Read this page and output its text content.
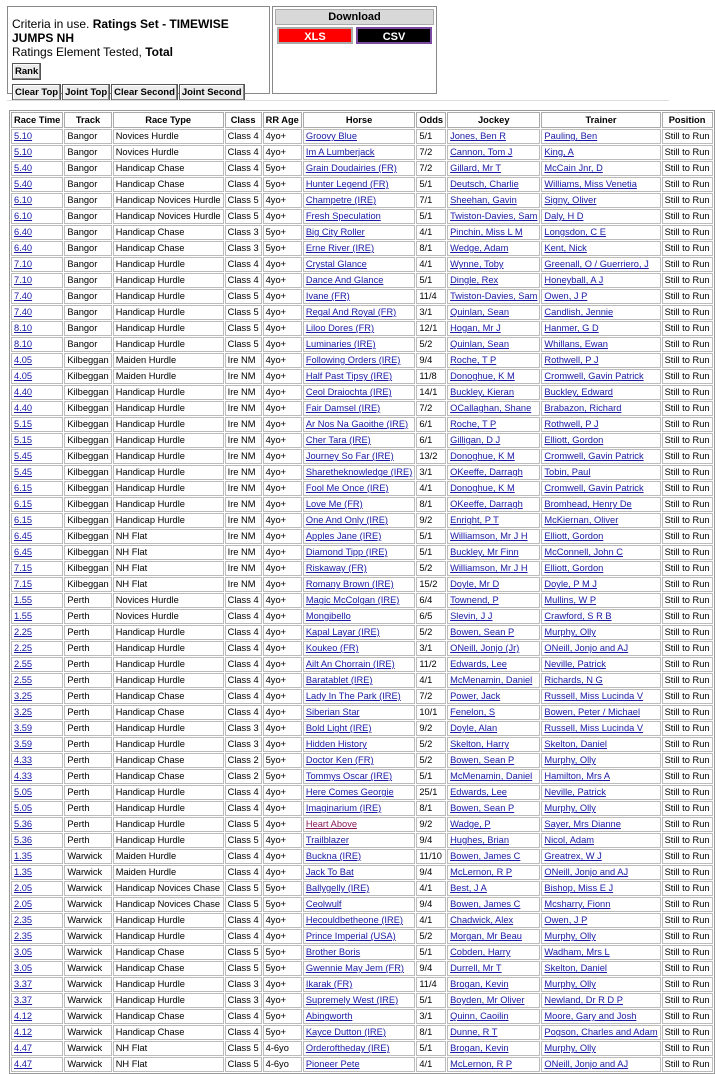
Criteria in use. Ratings Set - TIMEWISE JUMPS NH
Ratings Element Tested, Total
Rank
Clear Top Joint Top Clear Second Joint Second
Download
XLS	CSV
Race Time	Track	Race Type	Class	RR Age	Horse	Odds	Jockey	Trainer	Position
5.10	Bangor	Novices Hurdle	Class 4	4yo+	Groovy Blue	5/1	Jones, Ben R	Pauling, Ben	Still to Run
5.10	Bangor	Novices Hurdle	Class 4	4yo+	Im A Lumberjack	7/2	Cannon, Tom J	King, A	Still to Run
5.40	Bangor	Handicap Chase	Class 4	5yo+	Grain Doudairies (FR)	7/2	Gillard, Mr T	McCain Jnr, D	Still to Run
5.40	Bangor	Handicap Chase	Class 4	5yo+	Hunter Legend (FR)	5/1	Deutsch, Charlie	Williams, Miss Venetia	Still to Run
6.10	Bangor	Handicap Novices Hurdle	Class 5	4yo+	Champetre (IRE)	7/1	Sheehan, Gavin	Signy, Oliver	Still to Run
6.10	Bangor	Handicap Novices Hurdle	Class 5	4yo+	Fresh Speculation	5/1	Twiston-Davies, Sam	Daly, H D	Still to Run
6.40	Bangor	Handicap Chase	Class 3	5yo+	Big City Roller	4/1	Pinchin, Miss L M	Longsdon, C E	Still to Run
6.40	Bangor	Handicap Chase	Class 3	5yo+	Erne River (IRE)	8/1	Wedge, Adam	Kent, Nick	Still to Run
7.10	Bangor	Handicap Hurdle	Class 4	4yo+	Crystal Glance	4/1	Wynne, Toby	Greenall, O / Guerriero, J	Still to Run
7.10	Bangor	Handicap Hurdle	Class 4	4yo+	Dance And Glance	5/1	Dingle, Rex	Honeyball, A J	Still to Run
7.40	Bangor	Handicap Hurdle	Class 5	4yo+	Ivane (FR)	11/4	Twiston-Davies, Sam	Owen, J P	Still to Run
7.40	Bangor	Handicap Hurdle	Class 5	4yo+	Regal And Royal (FR)	3/1	Quinlan, Sean	Candlish, Jennie	Still to Run
8.10	Bangor	Handicap Hurdle	Class 5	4yo+	Liloo Dores (FR)	12/1	Hogan, Mr J	Hanmer, G D	Still to Run
8.10	Bangor	Handicap Hurdle	Class 5	4yo+	Luminaries (IRE)	5/2	Quinlan, Sean	Whillans, Ewan	Still to Run
4.05	Kilbeggan	Maiden Hurdle	Ire NM	4yo+	Following Orders (IRE)	9/4	Roche, T P	Rothwell, P J	Still to Run
4.05	Kilbeggan	Maiden Hurdle	Ire NM	4yo+	Half Past Tipsy (IRE)	11/8	Donoghue, K M	Cromwell, Gavin Patrick	Still to Run
4.40	Kilbeggan	Handicap Hurdle	Ire NM	4yo+	Ceol Draiochta (IRE)	14/1	Buckley, Kieran	Buckley, Edward	Still to Run
4.40	Kilbeggan	Handicap Hurdle	Ire NM	4yo+	Fair Damsel (IRE)	7/2	OCallaghan, Shane	Brabazon, Richard	Still to Run
5.15	Kilbeggan	Handicap Hurdle	Ire NM	4yo+	Ar Nos Na Gaoithe (IRE)	6/1	Roche, T P	Rothwell, P J	Still to Run
5.15	Kilbeggan	Handicap Hurdle	Ire NM	4yo+	Cher Tara (IRE)	6/1	Gilligan, D J	Elliott, Gordon	Still to Run
5.45	Kilbeggan	Handicap Hurdle	Ire NM	4yo+	Journey So Far (IRE)	13/2	Donoghue, K M	Cromwell, Gavin Patrick	Still to Run
5.45	Kilbeggan	Handicap Hurdle	Ire NM	4yo+	Sharetheknowledge (IRE)	3/1	OKeeffe, Darragh	Tobin, Paul	Still to Run
6.15	Kilbeggan	Handicap Hurdle	Ire NM	4yo+	Fool Me Once (IRE)	4/1	Donoghue, K M	Cromwell, Gavin Patrick	Still to Run
6.15	Kilbeggan	Handicap Hurdle	Ire NM	4yo+	Love Me (FR)	8/1	OKeeffe, Darragh	Bromhead, Henry De	Still to Run
6.15	Kilbeggan	Handicap Hurdle	Ire NM	4yo+	One And Only (IRE)	9/2	Enright, P T	McKiernan, Oliver	Still to Run
6.45	Kilbeggan	NH Flat	Ire NM	4yo+	Apples Jane (IRE)	5/1	Williamson, Mr J H	Elliott, Gordon	Still to Run
6.45	Kilbeggan	NH Flat	Ire NM	4yo+	Diamond Tipp (IRE)	5/1	Buckley, Mr Finn	McConnell, John C	Still to Run
7.15	Kilbeggan	NH Flat	Ire NM	4yo+	Riskaway (FR)	5/2	Williamson, Mr J H	Elliott, Gordon	Still to Run
7.15	Kilbeggan	NH Flat	Ire NM	4yo+	Romany Brown (IRE)	15/2	Doyle, Mr D	Doyle, P M J	Still to Run
1.55	Perth	Novices Hurdle	Class 4	4yo+	Magic McColgan (IRE)	6/4	Townend, P	Mullins, W P	Still to Run
1.55	Perth	Novices Hurdle	Class 4	4yo+	Mongibello	6/5	Slevin, J J	Crawford, S R B	Still to Run
2.25	Perth	Handicap Hurdle	Class 4	4yo+	Kapal Layar (IRE)	5/2	Bowen, Sean P	Murphy, Olly	Still to Run
2.25	Perth	Handicap Hurdle	Class 4	4yo+	Koukeo (FR)	3/1	ONeill, Jonjo (Jr)	ONeill, Jonjo and AJ	Still to Run
2.55	Perth	Handicap Hurdle	Class 4	4yo+	Ailt An Chorrain (IRE)	11/2	Edwards, Lee	Neville, Patrick	Still to Run
2.55	Perth	Handicap Hurdle	Class 4	4yo+	Baratablet (IRE)	4/1	McMenamin, Daniel	Richards, N G	Still to Run
3.25	Perth	Handicap Chase	Class 4	4yo+	Lady In The Park (IRE)	7/2	Power, Jack	Russell, Miss Lucinda V	Still to Run
3.25	Perth	Handicap Chase	Class 4	4yo+	Siberian Star	10/1	Fenelon, S	Bowen, Peter / Michael	Still to Run
3.59	Perth	Handicap Hurdle	Class 3	4yo+	Bold Light (IRE)	9/2	Doyle, Alan	Russell, Miss Lucinda V	Still to Run
3.59	Perth	Handicap Hurdle	Class 3	4yo+	Hidden History	5/2	Skelton, Harry	Skelton, Daniel	Still to Run
4.33	Perth	Handicap Chase	Class 2	5yo+	Doctor Ken (FR)	5/2	Bowen, Sean P	Murphy, Olly	Still to Run
4.33	Perth	Handicap Chase	Class 2	5yo+	Tommys Oscar (IRE)	5/1	McMenamin, Daniel	Hamilton, Mrs A	Still to Run
5.05	Perth	Handicap Hurdle	Class 4	4yo+	Here Comes Georgie	25/1	Edwards, Lee	Neville, Patrick	Still to Run
5.05	Perth	Handicap Hurdle	Class 4	4yo+	Imaginarium (IRE)	8/1	Bowen, Sean P	Murphy, Olly	Still to Run
5.36	Perth	Handicap Hurdle	Class 5	4yo+	Heart Above	9/2	Wadge, P	Sayer, Mrs Dianne	Still to Run
5.36	Perth	Handicap Hurdle	Class 5	4yo+	Trailblazer	9/4	Hughes, Brian	Nicol, Adam	Still to Run
1.35	Warwick	Maiden Hurdle	Class 4	4yo+	Buckna (IRE)	11/10	Bowen, James C	Greatrex, W J	Still to Run
1.35	Warwick	Maiden Hurdle	Class 4	4yo+	Jack To Bat	9/4	McLernon, R P	ONeill, Jonjo and AJ	Still to Run
2.05	Warwick	Handicap Novices Chase	Class 5	5yo+	Ballygelly (IRE)	4/1	Best, J A	Bishop, Miss E J	Still to Run
2.05	Warwick	Handicap Novices Chase	Class 5	5yo+	Ceolwulf	9/4	Bowen, James C	Mcsharry, Fionn	Still to Run
2.35	Warwick	Handicap Hurdle	Class 4	4yo+	Hecouldbetheone (IRE)	4/1	Chadwick, Alex	Owen, J P	Still to Run
2.35	Warwick	Handicap Hurdle	Class 4	4yo+	Prince Imperial (USA)	5/2	Morgan, Mr Beau	Murphy, Olly	Still to Run
3.05	Warwick	Handicap Chase	Class 5	5yo+	Brother Boris	5/1	Cobden, Harry	Wadham, Mrs L	Still to Run
3.05	Warwick	Handicap Chase	Class 5	5yo+	Gwennie May Jem (FR)	9/4	Durrell, Mr T	Skelton, Daniel	Still to Run
3.37	Warwick	Handicap Hurdle	Class 3	4yo+	Ikarak (FR)	11/4	Brogan, Kevin	Murphy, Olly	Still to Run
3.37	Warwick	Handicap Hurdle	Class 3	4yo+	Supremely West (IRE)	5/1	Boyden, Mr Oliver	Newland, Dr R D P	Still to Run
4.12	Warwick	Handicap Chase	Class 4	5yo+	Abingworth	3/1	Quinn, Caoilin	Moore, Gary and Josh	Still to Run
4.12	Warwick	Handicap Chase	Class 4	5yo+	Kayce Dutton (IRE)	8/1	Dunne, R T	Pogson, Charles and Adam	Still to Run
4.47	Warwick	NH Flat	Class 5	4-6yo	Orderoftheday (IRE)	5/1	Brogan, Kevin	Murphy, Olly	Still to Run
4.47	Warwick	NH Flat	Class 5	4-6yo	Pioneer Pete	4/1	McLernon, R P	ONeill, Jonjo and AJ	Still to Run
